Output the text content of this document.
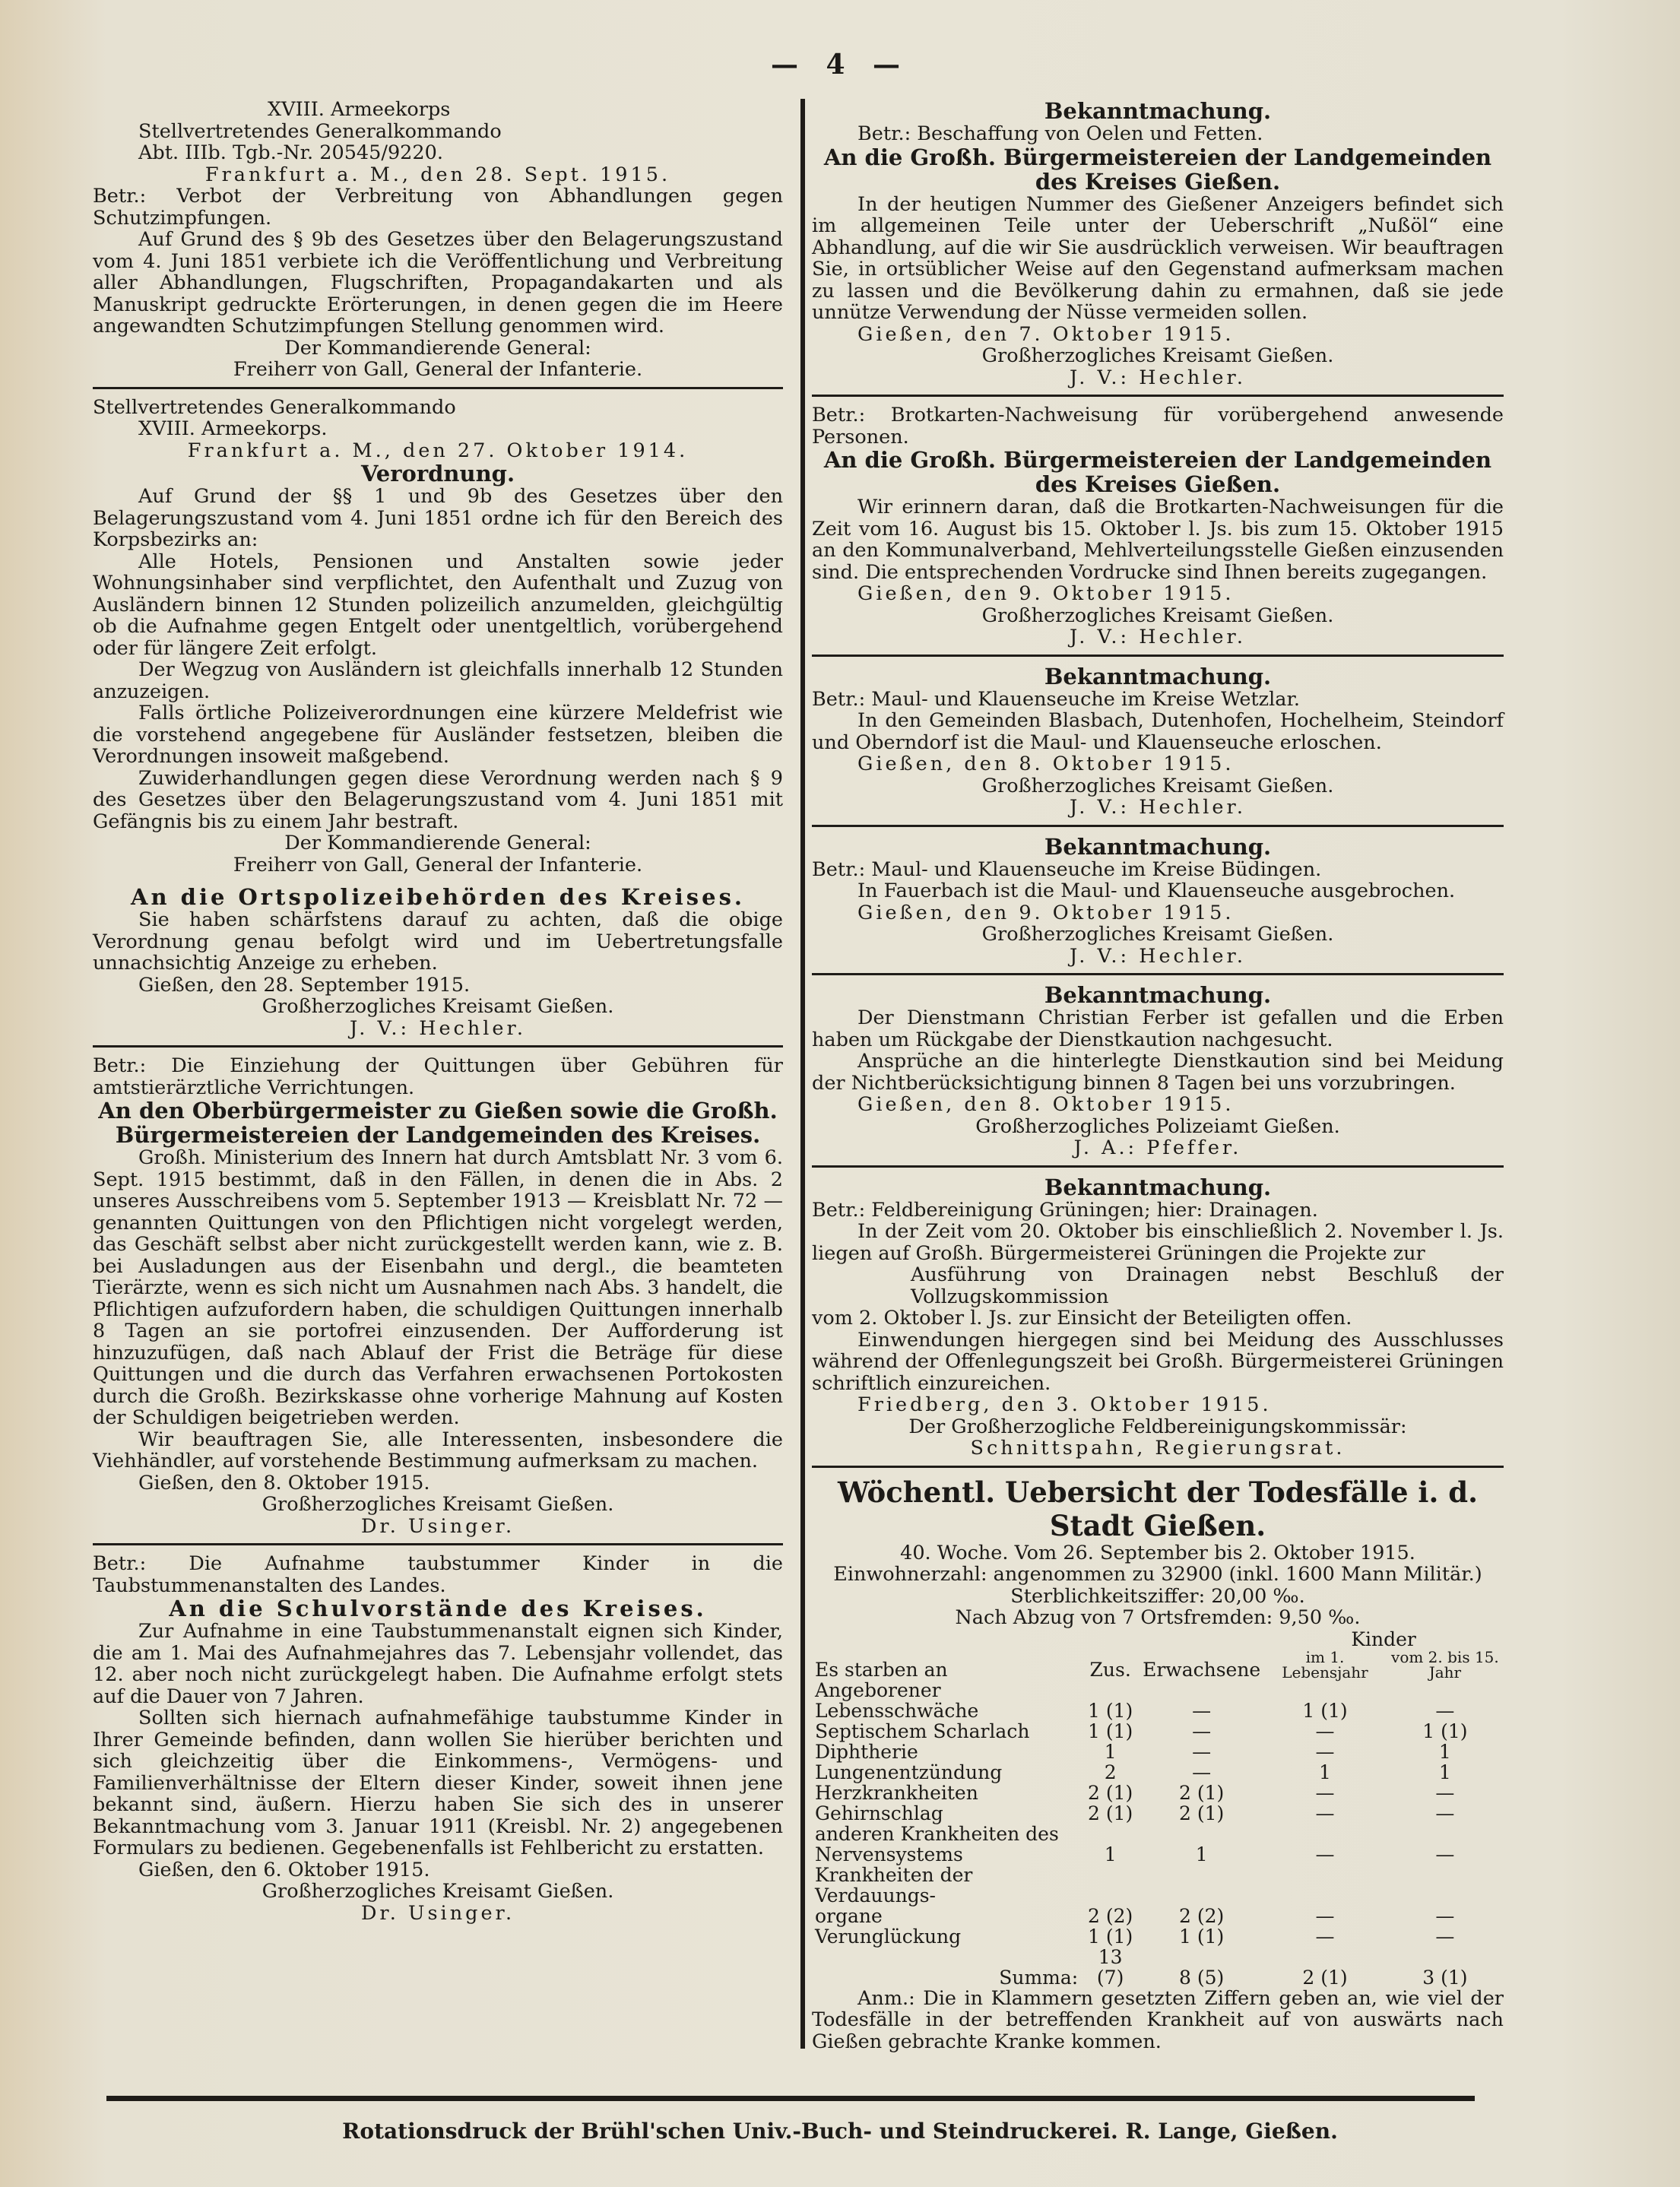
— 4 —

XVIII. Armeekorps

Stellvertretendes Generalkommando

Abt. IIIb. Tgb.-Nr. 20545/9220.

Frankfurt a. M., den 28. Sept. 1915.

Betr.: Verbot der Verbreitung von Abhandlungen gegen Schutzimpfungen.

Auf Grund des § 9b des Gesetzes über den Belagerungszustand vom 4. Juni 1851 verbiete ich die Veröffentlichung und Verbreitung aller Abhandlungen, Flugschriften, Propagandakarten und als Manuskript gedruckte Erörterungen, in denen gegen die im Heere angewandten Schutzimpfungen Stellung genommen wird.

Der Kommandierende General:

Freiherr von Gall, General der Infanterie.

Stellvertretendes Generalkommando

XVIII. Armeekorps.

Frankfurt a. M., den 27. Oktober 1914.

Verordnung.

Auf Grund der §§ 1 und 9b des Gesetzes über den Belagerungszustand vom 4. Juni 1851 ordne ich für den Bereich des Korpsbezirks an:

Alle Hotels, Pensionen und Anstalten sowie jeder Wohnungsinhaber sind verpflichtet, den Aufenthalt und Zuzug von Ausländern binnen 12 Stunden polizeilich anzumelden, gleichgültig ob die Aufnahme gegen Entgelt oder unentgeltlich, vorübergehend oder für längere Zeit erfolgt.

Der Wegzug von Ausländern ist gleichfalls innerhalb 12 Stunden anzuzeigen.

Falls örtliche Polizeiverordnungen eine kürzere Meldefrist wie die vorstehend angegebene für Ausländer festsetzen, bleiben die Verordnungen insoweit maßgebend.

Zuwiderhandlungen gegen diese Verordnung werden nach § 9 des Gesetzes über den Belagerungszustand vom 4. Juni 1851 mit Gefängnis bis zu einem Jahr bestraft.

Der Kommandierende General:

Freiherr von Gall, General der Infanterie.

An die Ortspolizeibehörden des Kreises.

Sie haben schärfstens darauf zu achten, daß die obige Verordnung genau befolgt wird und im Uebertretungsfalle unnachsichtig Anzeige zu erheben.

Gießen, den 28. September 1915.

Großherzogliches Kreisamt Gießen.

J. V.: Hechler.

Betr.: Die Einziehung der Quittungen über Gebühren für amtstierärztliche Verrichtungen.

An den Oberbürgermeister zu Gießen sowie die Großh. Bürgermeistereien der Landgemeinden des Kreises.

Großh. Ministerium des Innern hat durch Amtsblatt Nr. 3 vom 6. Sept. 1915 bestimmt, daß in den Fällen, in denen die in Abs. 2 unseres Ausschreibens vom 5. September 1913 — Kreisblatt Nr. 72 — genannten Quittungen von den Pflichtigen nicht vorgelegt werden, das Geschäft selbst aber nicht zurückgestellt werden kann, wie z. B. bei Ausladungen aus der Eisenbahn und dergl., die beamteten Tierärzte, wenn es sich nicht um Ausnahmen nach Abs. 3 handelt, die Pflichtigen aufzufordern haben, die schuldigen Quittungen innerhalb 8 Tagen an sie portofrei einzusenden. Der Aufforderung ist hinzuzufügen, daß nach Ablauf der Frist die Beträge für diese Quittungen und die durch das Verfahren erwachsenen Portokosten durch die Großh. Bezirkskasse ohne vorherige Mahnung auf Kosten der Schuldigen beigetrieben werden.

Wir beauftragen Sie, alle Interessenten, insbesondere die Viehhändler, auf vorstehende Bestimmung aufmerksam zu machen.

Gießen, den 8. Oktober 1915.

Großherzogliches Kreisamt Gießen.

Dr. Usinger.

Betr.: Die Aufnahme taubstummer Kinder in die Taubstummenanstalten des Landes.

An die Schulvorstände des Kreises.

Zur Aufnahme in eine Taubstummenanstalt eignen sich Kinder, die am 1. Mai des Aufnahmejahres das 7. Lebensjahr vollendet, das 12. aber noch nicht zurückgelegt haben. Die Aufnahme erfolgt stets auf die Dauer von 7 Jahren.

Sollten sich hiernach aufnahmefähige taubstumme Kinder in Ihrer Gemeinde befinden, dann wollen Sie hierüber berichten und sich gleichzeitig über die Einkommens-, Vermögens- und Familienverhältnisse der Eltern dieser Kinder, soweit ihnen jene bekannt sind, äußern. Hierzu haben Sie sich des in unserer Bekanntmachung vom 3. Januar 1911 (Kreisbl. Nr. 2) angegebenen Formulars zu bedienen. Gegebenenfalls ist Fehlbericht zu erstatten.

Gießen, den 6. Oktober 1915.

Großherzogliches Kreisamt Gießen.

Dr. Usinger.

Bekanntmachung.

Betr.: Beschaffung von Oelen und Fetten.

An die Großh. Bürgermeistereien der Landgemeinden des Kreises Gießen.

In der heutigen Nummer des Gießener Anzeigers befindet sich im allgemeinen Teile unter der Ueberschrift „Nußöl“ eine Abhandlung, auf die wir Sie ausdrücklich verweisen. Wir beauftragen Sie, in ortsüblicher Weise auf den Gegenstand aufmerksam machen zu lassen und die Bevölkerung dahin zu ermahnen, daß sie jede unnütze Verwendung der Nüsse vermeiden sollen.

Gießen, den 7. Oktober 1915.

Großherzogliches Kreisamt Gießen.

J. V.: Hechler.

Betr.: Brotkarten-Nachweisung für vorübergehend anwesende Personen.

An die Großh. Bürgermeistereien der Landgemeinden des Kreises Gießen.

Wir erinnern daran, daß die Brotkarten-Nachweisungen für die Zeit vom 16. August bis 15. Oktober l. Js. bis zum 15. Oktober 1915 an den Kommunalverband, Mehlverteilungsstelle Gießen einzusenden sind. Die entsprechenden Vordrucke sind Ihnen bereits zugegangen.

Gießen, den 9. Oktober 1915.

Großherzogliches Kreisamt Gießen.

J. V.: Hechler.

Bekanntmachung.

Betr.: Maul- und Klauenseuche im Kreise Wetzlar.

In den Gemeinden Blasbach, Dutenhofen, Hochelheim, Steindorf und Oberndorf ist die Maul- und Klauenseuche erloschen.

Gießen, den 8. Oktober 1915.

Großherzogliches Kreisamt Gießen.

J. V.: Hechler.

Bekanntmachung.

Betr.: Maul- und Klauenseuche im Kreise Büdingen.

In Fauerbach ist die Maul- und Klauenseuche ausgebrochen.

Gießen, den 9. Oktober 1915.

Großherzogliches Kreisamt Gießen.

J. V.: Hechler.

Bekanntmachung.

Der Dienstmann Christian Ferber ist gefallen und die Erben haben um Rückgabe der Dienstkaution nachgesucht.

Ansprüche an die hinterlegte Dienstkaution sind bei Meidung der Nichtberücksichtigung binnen 8 Tagen bei uns vorzubringen.

Gießen, den 8. Oktober 1915.

Großherzogliches Polizeiamt Gießen.

J. A.: Pfeffer.

Bekanntmachung.

Betr.: Feldbereinigung Grüningen; hier: Drainagen.

In der Zeit vom 20. Oktober bis einschließlich 2. November l. Js. liegen auf Großh. Bürgermeisterei Grüningen die Projekte zur

Ausführung von Drainagen nebst Beschluß der Vollzugskommission

vom 2. Oktober l. Js. zur Einsicht der Beteiligten offen.

Einwendungen hiergegen sind bei Meidung des Ausschlusses während der Offenlegungszeit bei Großh. Bürgermeisterei Grüningen schriftlich einzureichen.

Friedberg, den 3. Oktober 1915.

Der Großherzogliche Feldbereinigungskommissär:

Schnittspahn, Regierungsrat.

Wöchentl. Uebersicht der Todesfälle i. d. Stadt Gießen.

40. Woche. Vom 26. September bis 2. Oktober 1915.

Einwohnerzahl: angenommen zu 32900 (inkl. 1600 Mann Militär.)

Sterblichkeitsziffer: 20,00 ‰.

Nach Abzug von 7 Ortsfremden: 9,50 ‰.

Es starben an	Zus.	Erwachsene	Kinder	
			im 1. Lebensjahr	vom 2. bis 15. Jahr
Angeborener Lebensschwäche	1 (1)	—	1 (1)	—
Septischem Scharlach	1 (1)	—	—	1 (1)
Diphtherie	1	—	—	1
Lungenentzündung	2	—	1	1
Herzkrankheiten	2 (1)	2 (1)	—	—
Gehirnschlag	2 (1)	2 (1)	—	—
anderen Krankheiten des				
Nervensystems	1	1	—	—
Krankheiten der Verdauungs-				
organe	2 (2)	2 (2)	—	—
Verunglückung	1 (1)	1 (1)	—	—
Summa:	13 (7)	8 (5)	2 (1)	3 (1)

Anm.: Die in Klammern gesetzten Ziffern geben an, wie viel der Todesfälle in der betreffenden Krankheit auf von auswärts nach Gießen gebrachte Kranke kommen.

Rotationsdruck der Brühl'schen Univ.-Buch- und Steindruckerei. R. Lange, Gießen.
